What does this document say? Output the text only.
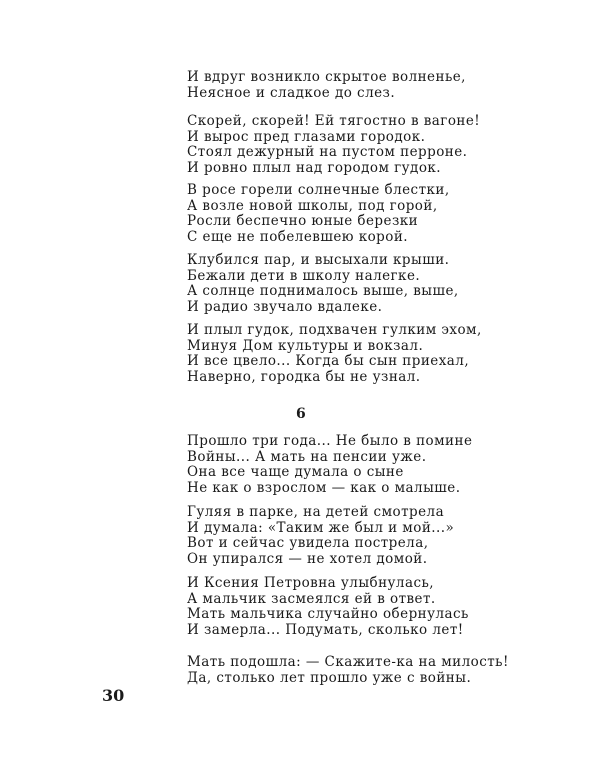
И вдруг возникло скрытое волненье,
Неясное и сладкое до слез.
Скорей, скорей! Ей тягостно в вагоне!
И вырос пред глазами городок.
Стоял дежурный на пустом перроне.
И ровно плыл над городом гудок.
В росе горели солнечные блестки,
А возле новой школы, под горой,
Росли беспечно юные березки
С еще не побелевшею корой.
Клубился пар, и высыхали крыши.
Бежали дети в школу налегке.
А солнце поднималось выше, выше,
И радио звучало вдалеке.
И плыл гудок, подхвачен гулким эхом,
Минуя Дом культуры и вокзал.
И все цвело... Когда бы сын приехал,
Наверно, городка бы не узнал.
6
Прошло три года... Не было в помине
Войны... А мать на пенсии уже.
Она все чаще думала о сыне
Не как о взрослом — как о малыше.
Гуляя в парке, на детей смотрела
И думала: «Таким же был и мой...»
Вот и сейчас увидела пострела,
Он упирался — не хотел домой.
И Ксения Петровна улыбнулась,
А мальчик засмеялся ей в ответ.
Мать мальчика случайно обернулась
И замерла... Подумать, сколько лет!
Мать подошла: — Скажите-ка на милость!
Да, столько лет прошло уже с войны.
30
